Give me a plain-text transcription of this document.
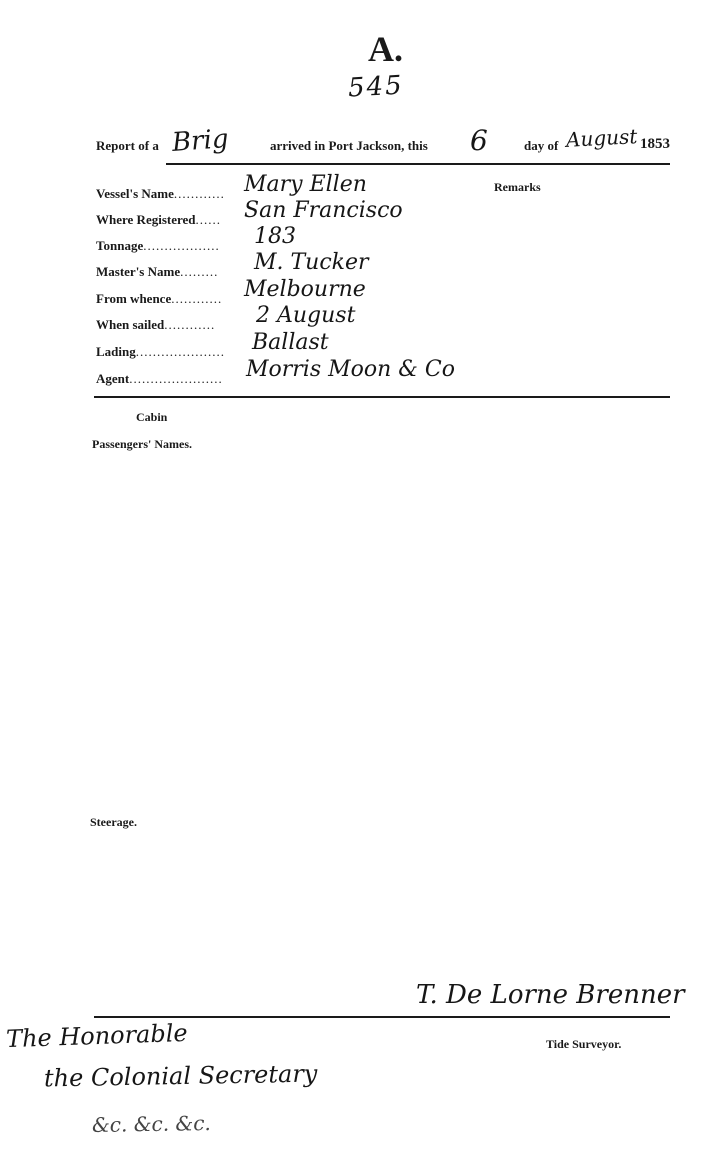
A.
545
Report of a Brig	arrived in Port Jackson, this 6	day of August 1853
Remarks
Vessel's Name............ Mary Ellen
Where Registered...... San Francisco
Tonnage.................. 183
Master's Name......... M. Tucker
From whence............ Melbourne
When sailed............ 2 August
Lading..................... Ballast
Agent...................... Morris Moon & Co
Cabin
Passengers' Names.
Steerage.
T. De Lorne Brenner
Tide Surveyor.
The Honorable
the Colonial Secretary
&c. &c. &c.
